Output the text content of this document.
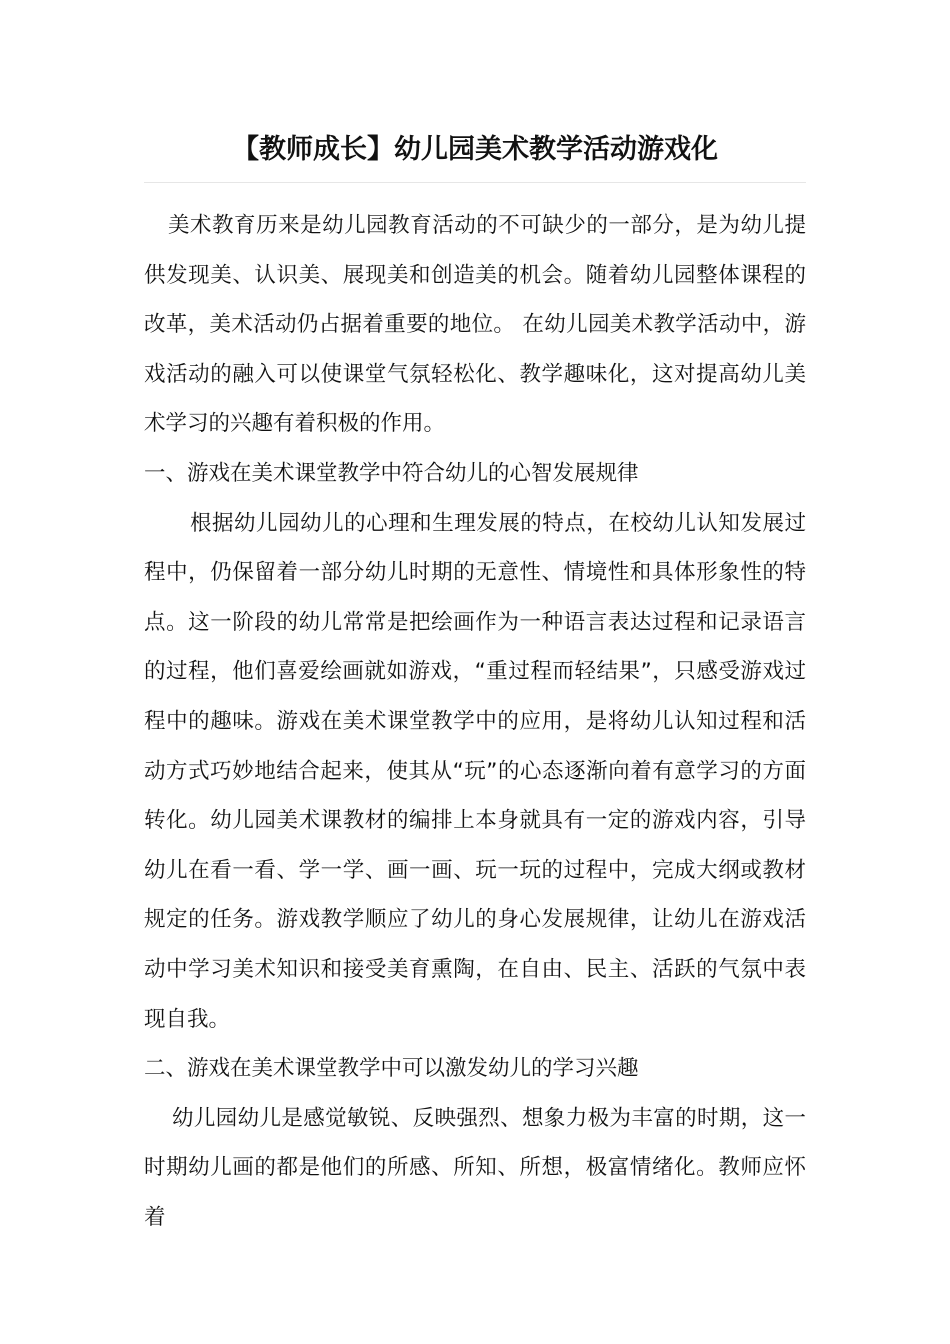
【教师成长】幼儿园美术教学活动游戏化

美术教育历来是幼儿园教育活动的不可缺少的一部分，是为幼儿提供发现美、认识美、展现美和创造美的机会。随着幼儿园整体课程的改革，美术活动仍占据着重要的地位。 在幼儿园美术教学活动中，游戏活动的融入可以使课堂气氛轻松化、教学趣味化，这对提高幼儿美术学习的兴趣有着积极的作用。

一、游戏在美术课堂教学中符合幼儿的心智发展规律

根据幼儿园幼儿的心理和生理发展的特点，在校幼儿认知发展过程中，仍保留着一部分幼儿时期的无意性、情境性和具体形象性的特点。这一阶段的幼儿常常是把绘画作为一种语言表达过程和记录语言的过程，他们喜爱绘画就如游戏，“重过程而轻结果”，只感受游戏过程中的趣味。游戏在美术课堂教学中的应用，是将幼儿认知过程和活动方式巧妙地结合起来，使其从“玩”的心态逐渐向着有意学习的方面转化。幼儿园美术课教材的编排上本身就具有一定的游戏内容，引导幼儿在看一看、学一学、画一画、玩一玩的过程中，完成大纲或教材规定的任务。游戏教学顺应了幼儿的身心发展规律，让幼儿在游戏活动中学习美术知识和接受美育熏陶，在自由、民主、活跃的气氛中表现自我。

二、游戏在美术课堂教学中可以激发幼儿的学习兴趣

幼儿园幼儿是感觉敏锐、反映强烈、想象力极为丰富的时期，这一时期幼儿画的都是他们的所感、所知、所想，极富情绪化。教师应怀着
